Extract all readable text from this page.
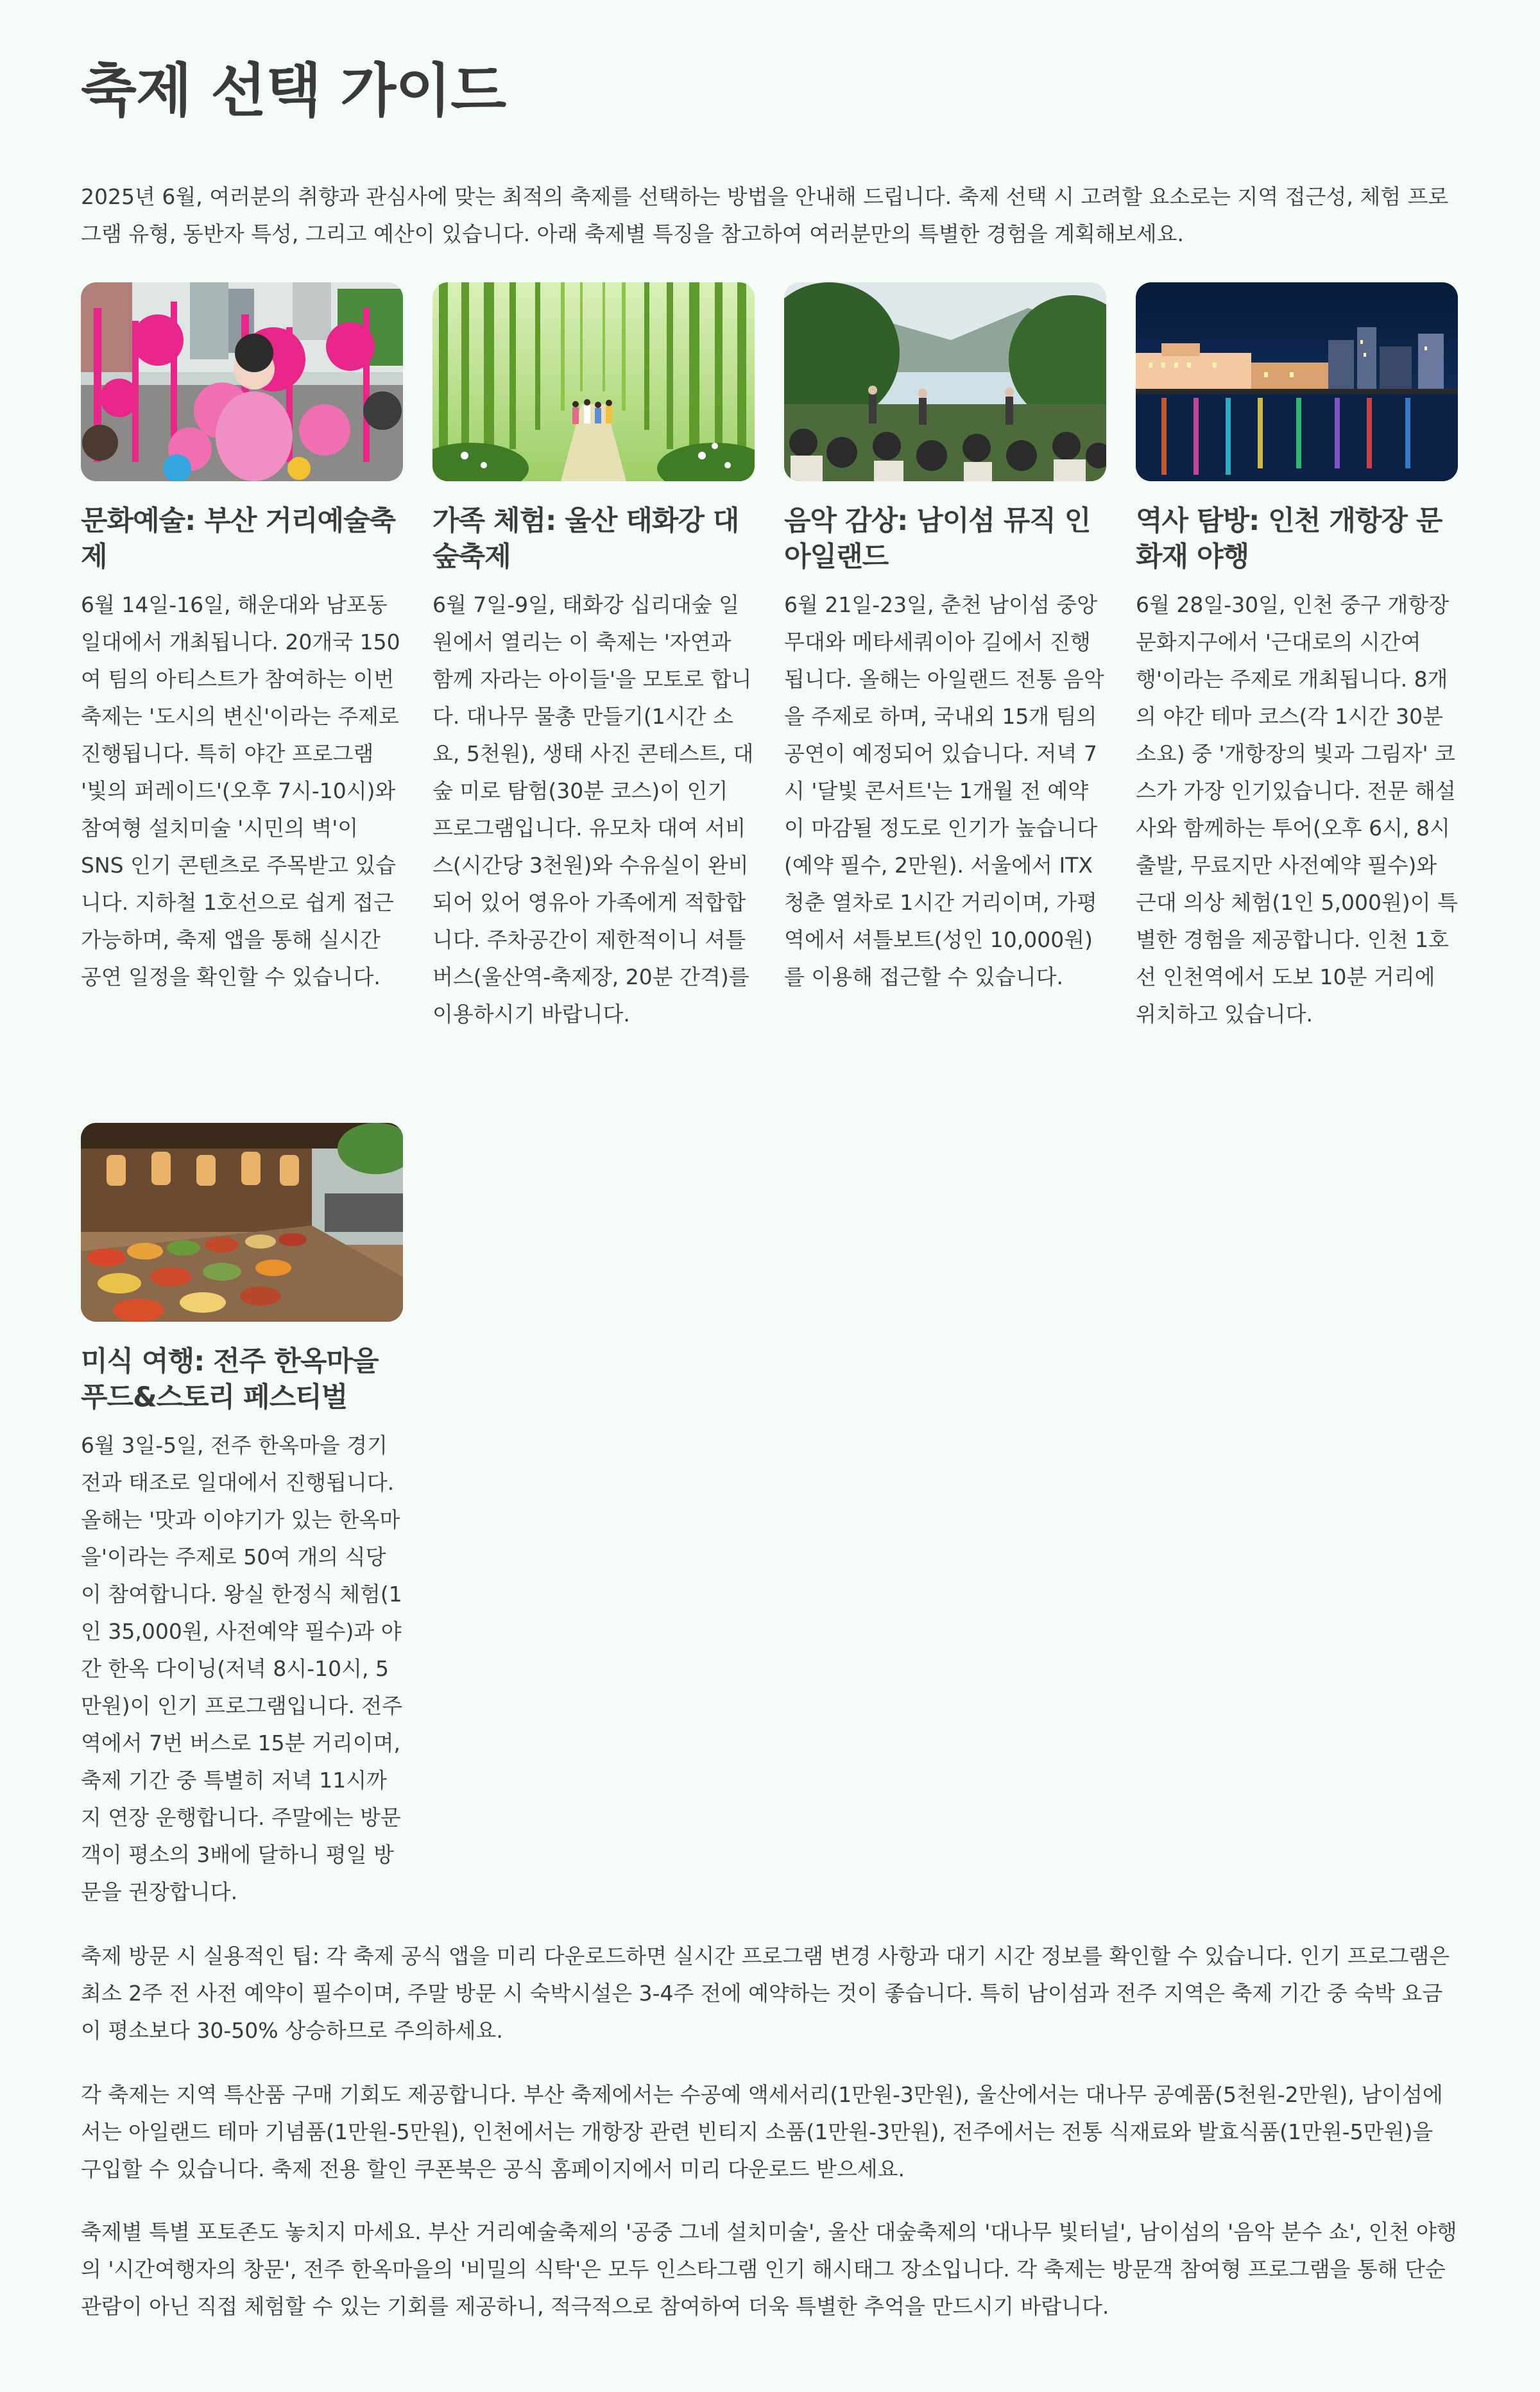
축제 선택 가이드

2025년 6월, 여러분의 취향과 관심사에 맞는 최적의 축제를 선택하는 방법을 안내해 드립니다. 축제 선택 시 고려할 요소로는 지역 접근성, 체험 프로그램 유형, 동반자 특성, 그리고 예산이 있습니다. 아래 축제별 특징을 참고하여 여러분만의 특별한 경험을 계획해보세요.

문화예술: 부산 거리예술축제

6월 14일-16일, 해운대와 남포동 일대에서 개최됩니다. 20개국 150여 팀의 아티스트가 참여하는 이번 축제는 '도시의 변신'이라는 주제로 진행됩니다. 특히 야간 프로그램 '빛의 퍼레이드'(오후 7시-10시)와 참여형 설치미술 '시민의 벽'이 SNS 인기 콘텐츠로 주목받고 있습니다. 지하철 1호선으로 쉽게 접근 가능하며, 축제 앱을 통해 실시간 공연 일정을 확인할 수 있습니다.

가족 체험: 울산 태화강 대숲축제

6월 7일-9일, 태화강 십리대숲 일원에서 열리는 이 축제는 '자연과 함께 자라는 아이들'을 모토로 합니다. 대나무 물총 만들기(1시간 소요, 5천원), 생태 사진 콘테스트, 대숲 미로 탐험(30분 코스)이 인기 프로그램입니다. 유모차 대여 서비스(시간당 3천원)와 수유실이 완비되어 있어 영유아 가족에게 적합합니다. 주차공간이 제한적이니 셔틀버스(울산역-축제장, 20분 간격)를 이용하시기 바랍니다.

음악 감상: 남이섬 뮤직 인 아일랜드

6월 21일-23일, 춘천 남이섬 중앙무대와 메타세쿼이아 길에서 진행됩니다. 올해는 아일랜드 전통 음악을 주제로 하며, 국내외 15개 팀의 공연이 예정되어 있습니다. 저녁 7시 '달빛 콘서트'는 1개월 전 예약이 마감될 정도로 인기가 높습니다(예약 필수, 2만원). 서울에서 ITX 청춘 열차로 1시간 거리이며, 가평역에서 셔틀보트(성인 10,000원)를 이용해 접근할 수 있습니다.

역사 탐방: 인천 개항장 문화재 야행

6월 28일-30일, 인천 중구 개항장 문화지구에서 '근대로의 시간여행'이라는 주제로 개최됩니다. 8개의 야간 테마 코스(각 1시간 30분 소요) 중 '개항장의 빛과 그림자' 코스가 가장 인기있습니다. 전문 해설사와 함께하는 투어(오후 6시, 8시 출발, 무료지만 사전예약 필수)와 근대 의상 체험(1인 5,000원)이 특별한 경험을 제공합니다. 인천 1호선 인천역에서 도보 10분 거리에 위치하고 있습니다.

미식 여행: 전주 한옥마을 푸드&스토리 페스티벌

6월 3일-5일, 전주 한옥마을 경기전과 태조로 일대에서 진행됩니다. 올해는 '맛과 이야기가 있는 한옥마을'이라는 주제로 50여 개의 식당이 참여합니다. 왕실 한정식 체험(1인 35,000원, 사전예약 필수)과 야간 한옥 다이닝(저녁 8시-10시, 5만원)이 인기 프로그램입니다. 전주역에서 7번 버스로 15분 거리이며, 축제 기간 중 특별히 저녁 11시까지 연장 운행합니다. 주말에는 방문객이 평소의 3배에 달하니 평일 방문을 권장합니다.

축제 방문 시 실용적인 팁: 각 축제 공식 앱을 미리 다운로드하면 실시간 프로그램 변경 사항과 대기 시간 정보를 확인할 수 있습니다. 인기 프로그램은 최소 2주 전 사전 예약이 필수이며, 주말 방문 시 숙박시설은 3-4주 전에 예약하는 것이 좋습니다. 특히 남이섬과 전주 지역은 축제 기간 중 숙박 요금이 평소보다 30-50% 상승하므로 주의하세요.

각 축제는 지역 특산품 구매 기회도 제공합니다. 부산 축제에서는 수공예 액세서리(1만원-3만원), 울산에서는 대나무 공예품(5천원-2만원), 남이섬에서는 아일랜드 테마 기념품(1만원-5만원), 인천에서는 개항장 관련 빈티지 소품(1만원-3만원), 전주에서는 전통 식재료와 발효식품(1만원-5만원)을 구입할 수 있습니다. 축제 전용 할인 쿠폰북은 공식 홈페이지에서 미리 다운로드 받으세요.

축제별 특별 포토존도 놓치지 마세요. 부산 거리예술축제의 '공중 그네 설치미술', 울산 대숲축제의 '대나무 빛터널', 남이섬의 '음악 분수 쇼', 인천 야행의 '시간여행자의 창문', 전주 한옥마을의 '비밀의 식탁'은 모두 인스타그램 인기 해시태그 장소입니다. 각 축제는 방문객 참여형 프로그램을 통해 단순 관람이 아닌 직접 체험할 수 있는 기회를 제공하니, 적극적으로 참여하여 더욱 특별한 추억을 만드시기 바랍니다.
